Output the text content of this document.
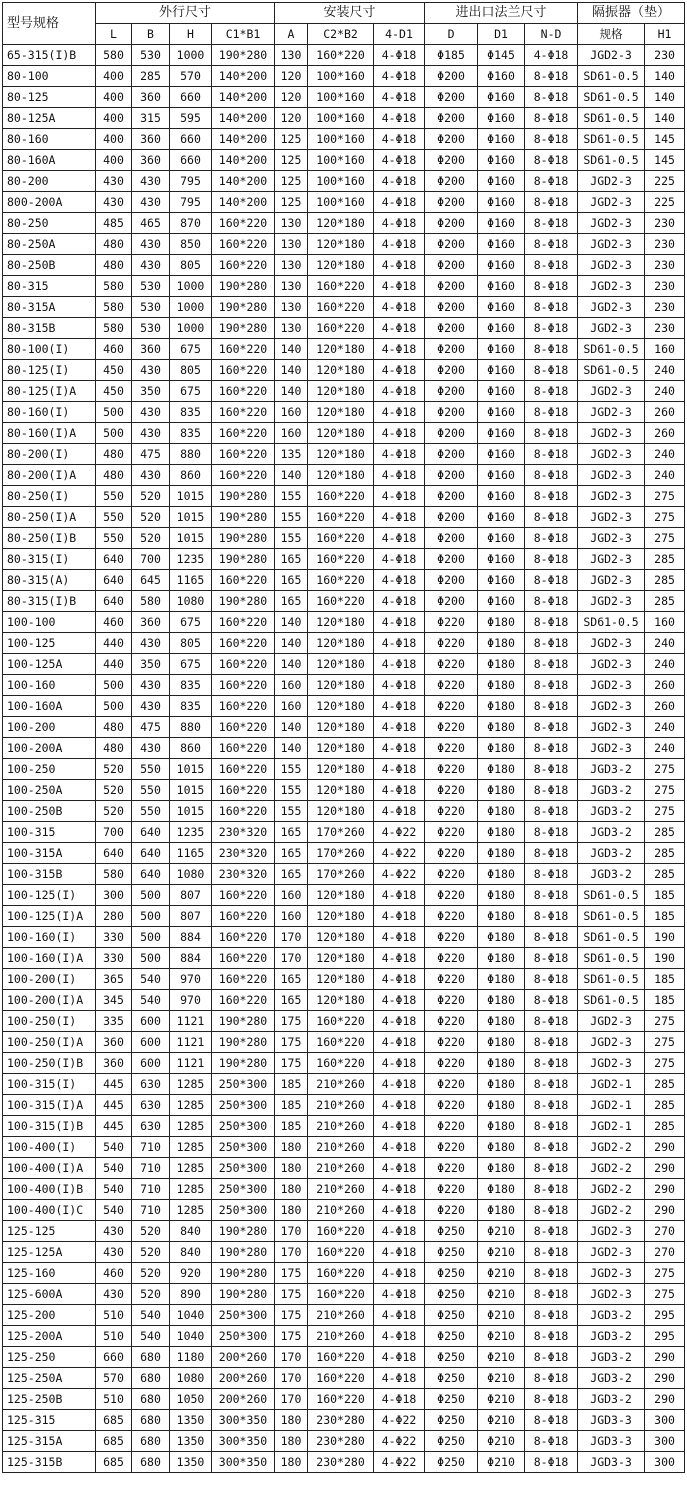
型号规格	外行尺寸				安装尺寸			进出口法兰尺寸			隔振器（垫）	
	L	B	H	C1*B1	A	C2*B2	4-D1	D	D1	N-D	规格	H1
65-315(I)B	580	530	1000	190*280	130	160*220	4-Φ18	Φ185	Φ145	4-Φ18	JGD2-3	230
80-100	400	285	570	140*200	120	100*160	4-Φ18	Φ200	Φ160	8-Φ18	SD61-0.5	140
80-125	400	360	660	140*200	120	100*160	4-Φ18	Φ200	Φ160	8-Φ18	SD61-0.5	140
80-125A	400	315	595	140*200	120	100*160	4-Φ18	Φ200	Φ160	8-Φ18	SD61-0.5	140
80-160	400	360	660	140*200	125	100*160	4-Φ18	Φ200	Φ160	8-Φ18	SD61-0.5	145
80-160A	400	360	660	140*200	125	100*160	4-Φ18	Φ200	Φ160	8-Φ18	SD61-0.5	145
80-200	430	430	795	140*200	125	100*160	4-Φ18	Φ200	Φ160	8-Φ18	JGD2-3	225
800-200A	430	430	795	140*200	125	100*160	4-Φ18	Φ200	Φ160	8-Φ18	JGD2-3	225
80-250	485	465	870	160*220	130	120*180	4-Φ18	Φ200	Φ160	8-Φ18	JGD2-3	230
80-250A	480	430	850	160*220	130	120*180	4-Φ18	Φ200	Φ160	8-Φ18	JGD2-3	230
80-250B	480	430	805	160*220	130	120*180	4-Φ18	Φ200	Φ160	8-Φ18	JGD2-3	230
80-315	580	530	1000	190*280	130	160*220	4-Φ18	Φ200	Φ160	8-Φ18	JGD2-3	230
80-315A	580	530	1000	190*280	130	160*220	4-Φ18	Φ200	Φ160	8-Φ18	JGD2-3	230
80-315B	580	530	1000	190*280	130	160*220	4-Φ18	Φ200	Φ160	8-Φ18	JGD2-3	230
80-100(I)	460	360	675	160*220	140	120*180	4-Φ18	Φ200	Φ160	8-Φ18	SD61-0.5	160
80-125(I)	450	430	805	160*220	140	120*180	4-Φ18	Φ200	Φ160	8-Φ18	SD61-0.5	240
80-125(I)A	450	350	675	160*220	140	120*180	4-Φ18	Φ200	Φ160	8-Φ18	JGD2-3	240
80-160(I)	500	430	835	160*220	160	120*180	4-Φ18	Φ200	Φ160	8-Φ18	JGD2-3	260
80-160(I)A	500	430	835	160*220	160	120*180	4-Φ18	Φ200	Φ160	8-Φ18	JGD2-3	260
80-200(I)	480	475	880	160*220	135	120*180	4-Φ18	Φ200	Φ160	8-Φ18	JGD2-3	240
80-200(I)A	480	430	860	160*220	140	120*180	4-Φ18	Φ200	Φ160	8-Φ18	JGD2-3	240
80-250(I)	550	520	1015	190*280	155	160*220	4-Φ18	Φ200	Φ160	8-Φ18	JGD2-3	275
80-250(I)A	550	520	1015	190*280	155	160*220	4-Φ18	Φ200	Φ160	8-Φ18	JGD2-3	275
80-250(I)B	550	520	1015	190*280	155	160*220	4-Φ18	Φ200	Φ160	8-Φ18	JGD2-3	275
80-315(I)	640	700	1235	190*280	165	160*220	4-Φ18	Φ200	Φ160	8-Φ18	JGD2-3	285
80-315(A)	640	645	1165	160*220	165	160*220	4-Φ18	Φ200	Φ160	8-Φ18	JGD2-3	285
80-315(I)B	640	580	1080	190*280	165	160*220	4-Φ18	Φ200	Φ160	8-Φ18	JGD2-3	285
100-100	460	360	675	160*220	140	120*180	4-Φ18	Φ220	Φ180	8-Φ18	SD61-0.5	160
100-125	440	430	805	160*220	140	120*180	4-Φ18	Φ220	Φ180	8-Φ18	JGD2-3	240
100-125A	440	350	675	160*220	140	120*180	4-Φ18	Φ220	Φ180	8-Φ18	JGD2-3	240
100-160	500	430	835	160*220	160	120*180	4-Φ18	Φ220	Φ180	8-Φ18	JGD2-3	260
100-160A	500	430	835	160*220	160	120*180	4-Φ18	Φ220	Φ180	8-Φ18	JGD2-3	260
100-200	480	475	880	160*220	140	120*180	4-Φ18	Φ220	Φ180	8-Φ18	JGD2-3	240
100-200A	480	430	860	160*220	140	120*180	4-Φ18	Φ220	Φ180	8-Φ18	JGD2-3	240
100-250	520	550	1015	160*220	155	120*180	4-Φ18	Φ220	Φ180	8-Φ18	JGD3-2	275
100-250A	520	550	1015	160*220	155	120*180	4-Φ18	Φ220	Φ180	8-Φ18	JGD3-2	275
100-250B	520	550	1015	160*220	155	120*180	4-Φ18	Φ220	Φ180	8-Φ18	JGD3-2	275
100-315	700	640	1235	230*320	165	170*260	4-Φ22	Φ220	Φ180	8-Φ18	JGD3-2	285
100-315A	640	640	1165	230*320	165	170*260	4-Φ22	Φ220	Φ180	8-Φ18	JGD3-2	285
100-315B	580	640	1080	230*320	165	170*260	4-Φ22	Φ220	Φ180	8-Φ18	JGD3-2	285
100-125(I)	300	500	807	160*220	160	120*180	4-Φ18	Φ220	Φ180	8-Φ18	SD61-0.5	185
100-125(I)A	280	500	807	160*220	160	120*180	4-Φ18	Φ220	Φ180	8-Φ18	SD61-0.5	185
100-160(I)	330	500	884	160*220	170	120*180	4-Φ18	Φ220	Φ180	8-Φ18	SD61-0.5	190
100-160(I)A	330	500	884	160*220	170	120*180	4-Φ18	Φ220	Φ180	8-Φ18	SD61-0.5	190
100-200(I)	365	540	970	160*220	165	120*180	4-Φ18	Φ220	Φ180	8-Φ18	SD61-0.5	185
100-200(I)A	345	540	970	160*220	165	120*180	4-Φ18	Φ220	Φ180	8-Φ18	SD61-0.5	185
100-250(I)	335	600	1121	190*280	175	160*220	4-Φ18	Φ220	Φ180	8-Φ18	JGD2-3	275
100-250(I)A	360	600	1121	190*280	175	160*220	4-Φ18	Φ220	Φ180	8-Φ18	JGD2-3	275
100-250(I)B	360	600	1121	190*280	175	160*220	4-Φ18	Φ220	Φ180	8-Φ18	JGD2-3	275
100-315(I)	445	630	1285	250*300	185	210*260	4-Φ18	Φ220	Φ180	8-Φ18	JGD2-1	285
100-315(I)A	445	630	1285	250*300	185	210*260	4-Φ18	Φ220	Φ180	8-Φ18	JGD2-1	285
100-315(I)B	445	630	1285	250*300	185	210*260	4-Φ18	Φ220	Φ180	8-Φ18	JGD2-1	285
100-400(I)	540	710	1285	250*300	180	210*260	4-Φ18	Φ220	Φ180	8-Φ18	JGD2-2	290
100-400(I)A	540	710	1285	250*300	180	210*260	4-Φ18	Φ220	Φ180	8-Φ18	JGD2-2	290
100-400(I)B	540	710	1285	250*300	180	210*260	4-Φ18	Φ220	Φ180	8-Φ18	JGD2-2	290
100-400(I)C	540	710	1285	250*300	180	210*260	4-Φ18	Φ220	Φ180	8-Φ18	JGD2-2	290
125-125	430	520	840	190*280	170	160*220	4-Φ18	Φ250	Φ210	8-Φ18	JGD2-3	270
125-125A	430	520	840	190*280	170	160*220	4-Φ18	Φ250	Φ210	8-Φ18	JGD2-3	270
125-160	460	520	920	190*280	175	160*220	4-Φ18	Φ250	Φ210	8-Φ18	JGD2-3	275
125-600A	430	520	890	190*280	175	160*220	4-Φ18	Φ250	Φ210	8-Φ18	JGD2-3	275
125-200	510	540	1040	250*300	175	210*260	4-Φ18	Φ250	Φ210	8-Φ18	JGD3-2	295
125-200A	510	540	1040	250*300	175	210*260	4-Φ18	Φ250	Φ210	8-Φ18	JGD3-2	295
125-250	660	680	1180	200*260	170	160*220	4-Φ18	Φ250	Φ210	8-Φ18	JGD3-2	290
125-250A	570	680	1080	200*260	170	160*220	4-Φ18	Φ250	Φ210	8-Φ18	JGD3-2	290
125-250B	510	680	1050	200*260	170	160*220	4-Φ18	Φ250	Φ210	8-Φ18	JGD3-2	290
125-315	685	680	1350	300*350	180	230*280	4-Φ22	Φ250	Φ210	8-Φ18	JGD3-3	300
125-315A	685	680	1350	300*350	180	230*280	4-Φ22	Φ250	Φ210	8-Φ18	JGD3-3	300
125-315B	685	680	1350	300*350	180	230*280	4-Φ22	Φ250	Φ210	8-Φ18	JGD3-3	300
